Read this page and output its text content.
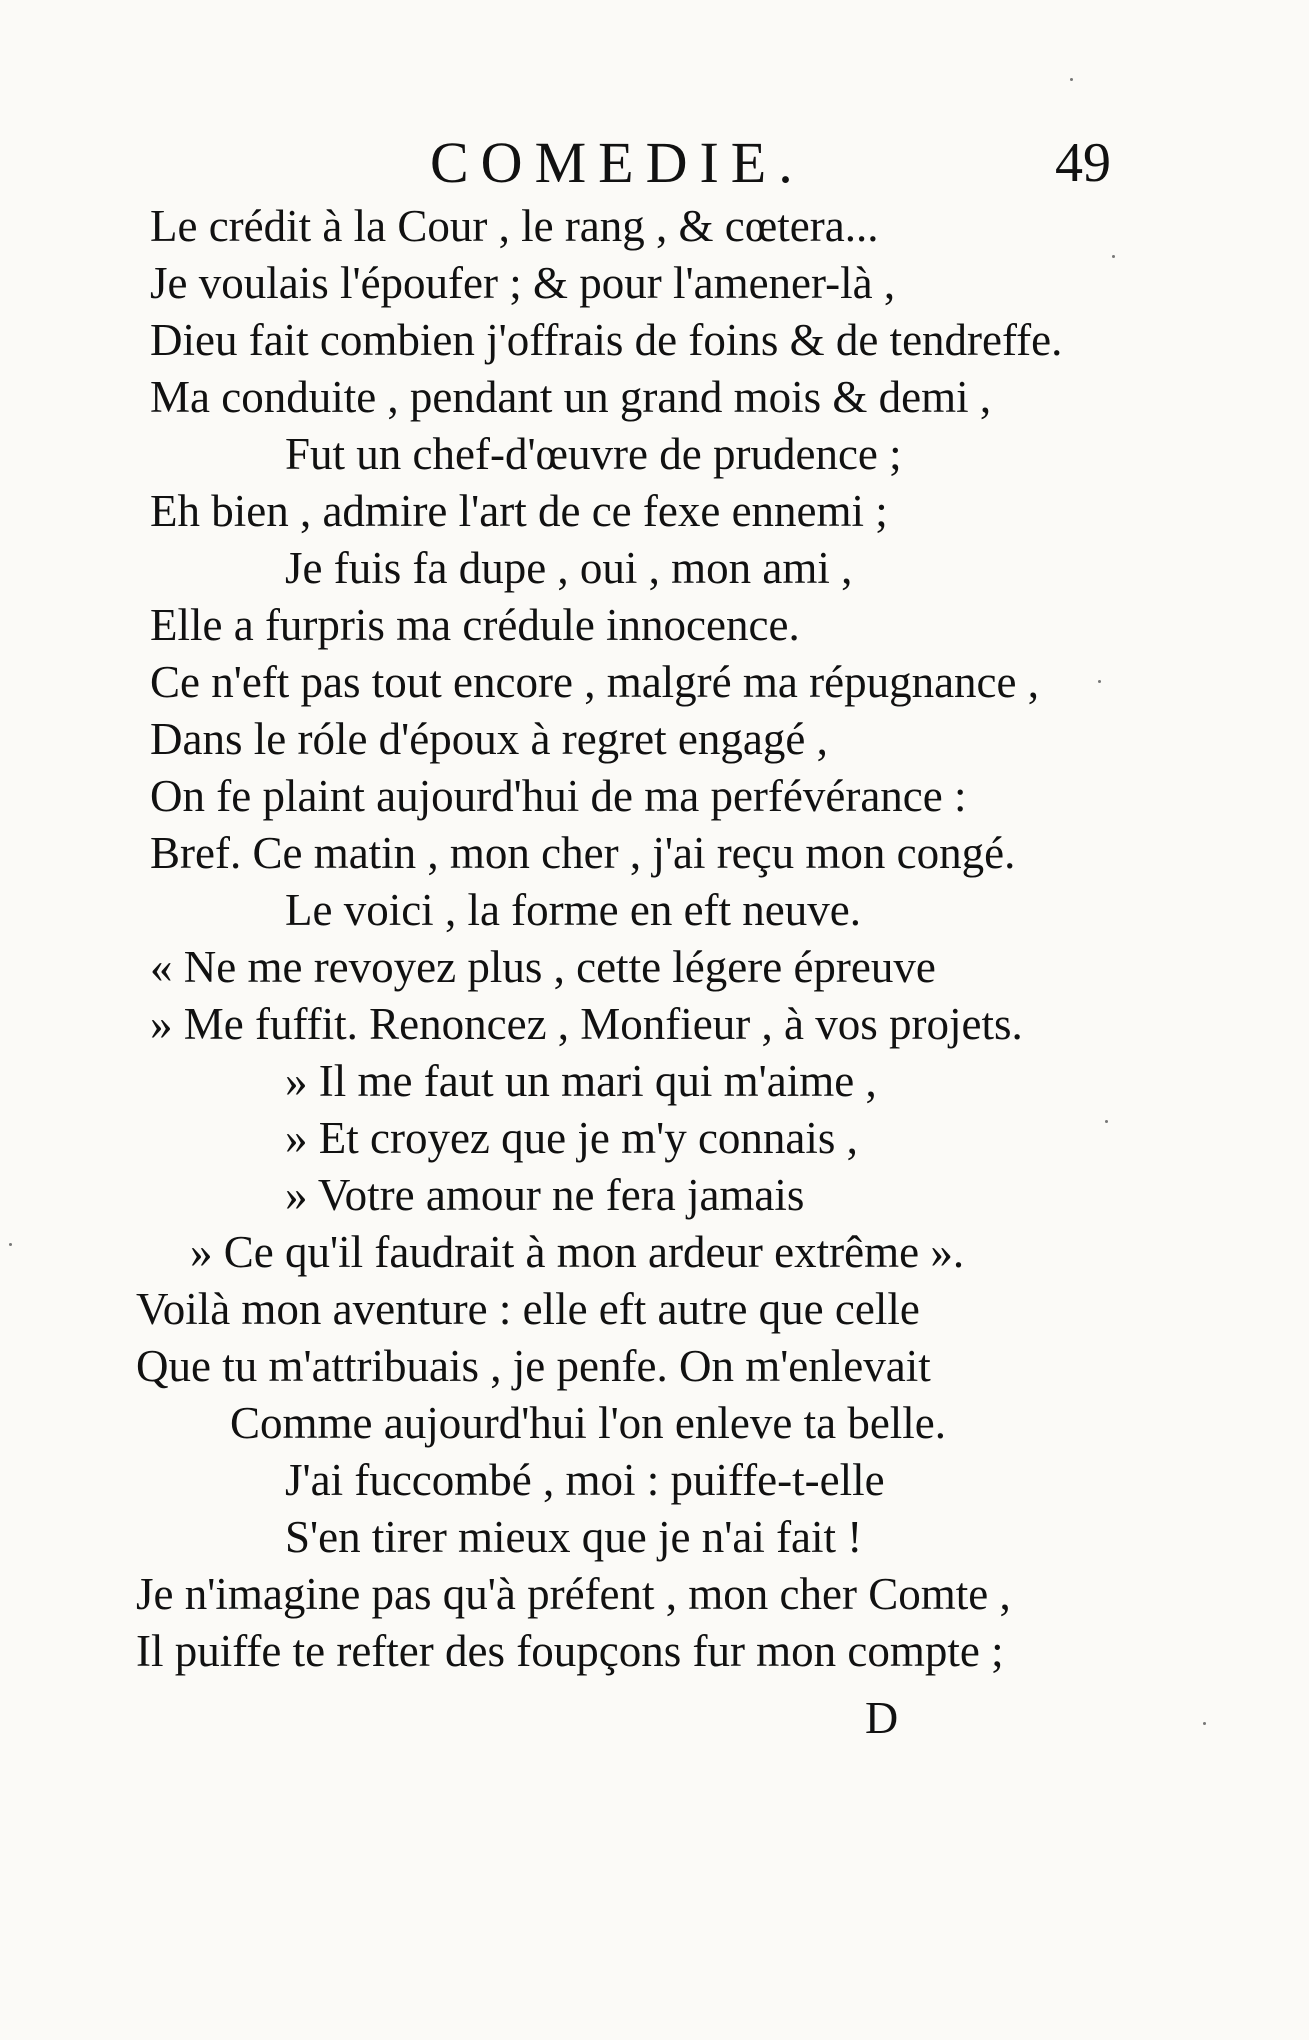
COMEDIE.	49
Le crédit à la Cour , le rang , & cœtera...
Je voulais l'époufer ; & pour l'amener-là ,
Dieu fait combien j'offrais de foins & de tendreffe.
Ma conduite , pendant un grand mois & demi ,
Fut un chef-d'œuvre de prudence ;
Eh bien , admire l'art de ce fexe ennemi ;
Je fuis fa dupe , oui , mon ami ,
Elle a furpris ma crédule innocence.
Ce n'eft pas tout encore , malgré ma répugnance ,
Dans le róle d'époux à regret engagé ,
On fe plaint aujourd'hui de ma perfévérance :
Bref. Ce matin , mon cher , j'ai reçu mon congé.
Le voici , la forme en eft neuve.
« Ne me revoyez plus , cette légere épreuve
» Me fuffit. Renoncez , Monfieur , à vos projets.
» Il me faut un mari qui m'aime ,
» Et croyez que je m'y connais ,
» Votre amour ne fera jamais
» Ce qu'il faudrait à mon ardeur extrême ».
Voilà mon aventure : elle eft autre que celle
Que tu m'attribuais , je penfe. On m'enlevait
Comme aujourd'hui l'on enleve ta belle.
J'ai fuccombé , moi : puiffe-t-elle
S'en tirer mieux que je n'ai fait !
Je n'imagine pas qu'à préfent , mon cher Comte ,
Il puiffe te refter des foupçons fur mon compte ;
D
